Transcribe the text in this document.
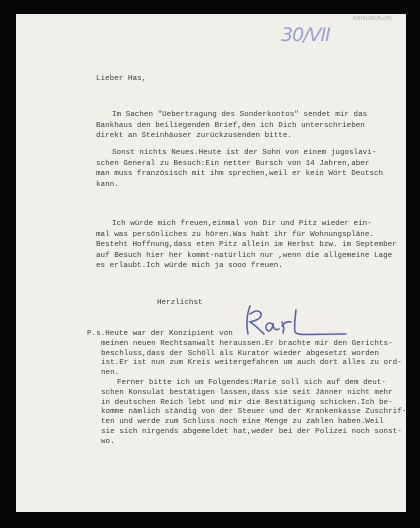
NNHILNN/Ru/95
30/VII
Lieber Has,
Im Sachen "Uebertragung des Sonderkontos" sendet mir das
Bankhaus den beiliegenden Brief,den ich Dich unterschrieben
direkt an Steinhäuser zurückzusenden bitte.
Sonst nichts Neues.Heute ist der Sohn von einem jugoslavi-
schen General zu Besuch:Ein netter Bursch von 14 Jahren,aber
man muss französisch mit ihm sprechen,weil er kein Wort Deutsch
kann.
Ich würde mich freuen,einmal von Dir und Pitz wieder ein-
mal was persönliches zu hören.Was habt ihr für Wohnungspläne.
Besteht Hoffnung,dass eten Pitz allein im Herbst bzw. im September
auf Besuch hier her kommt-natürlich nur ,wenn die allgemeine Lage
es erlaubt.Ich würde mich ja sooo freuen.
Herzlichst
P.s.Heute war der Konzipient von
meinen neuen Rechtsanwalt heraussen.Er brachte mir den Gerichts-
beschluss,dass der Schöll als Kurator wieder abgesetzt worden
ist.Er ist nun zum Kreis weitergefahren um auch dort alles zu ord-
nen.
Ferner bitte ich um Folgendes:Marie soll sich auf dem deut-
schen Konsulat bestätigen lassen,dass sie seit Jänner nicht mehr
in deutschen Reich lebt und mir die Bestätigung schicken.Ich be-
komme nämlich ständig von der Steuer und der Krankenkasse Zuschrif-
ten und werde zum Schluss noch eine Menge zu zahlen haben.Weil
sie sich nirgends abgemeldet hat,weder bei der Polizei noch sonst-
wo.
